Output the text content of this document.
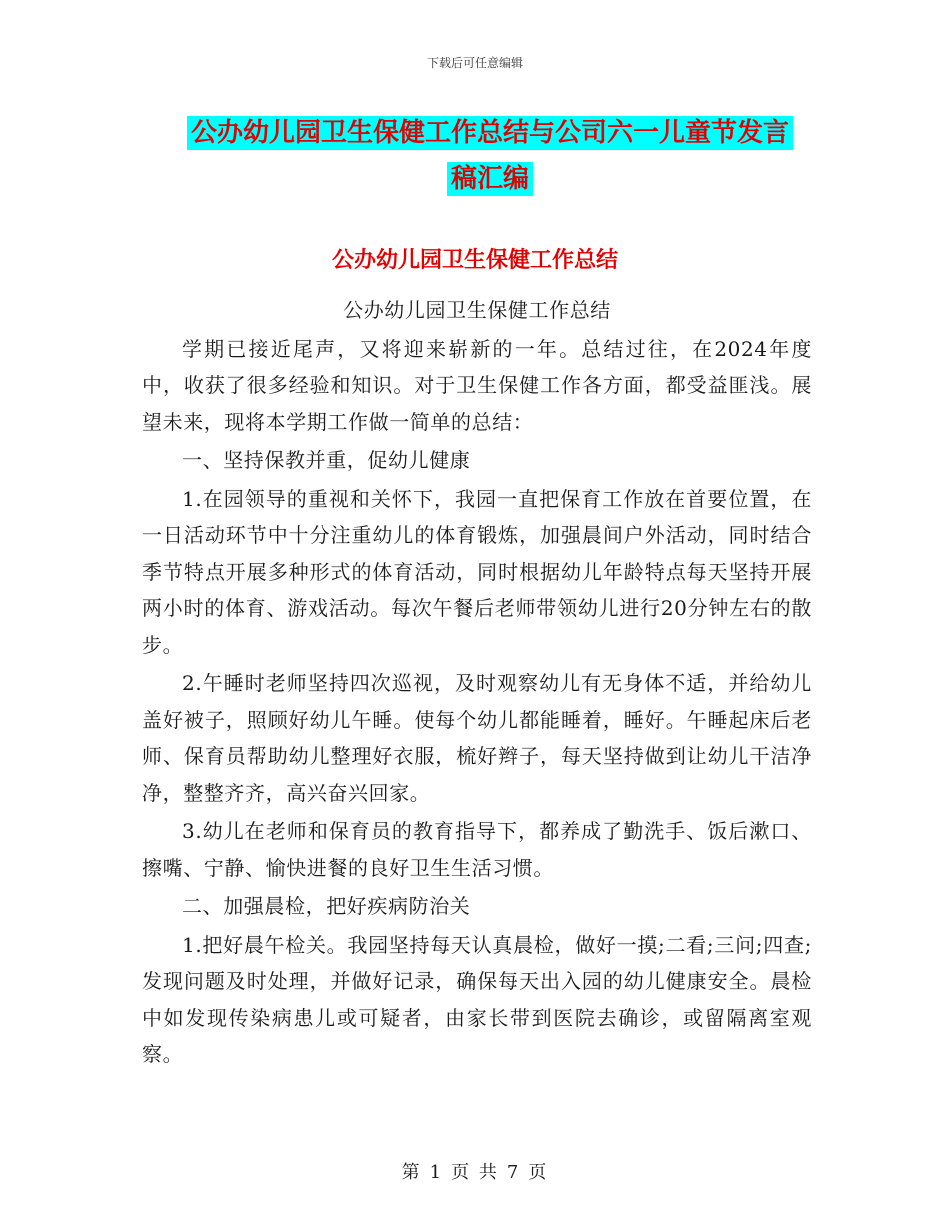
下载后可任意编辑
公办幼儿园卫生保健工作总结与公司六一儿童节发言
稿汇编
公办幼儿园卫生保健工作总结

公办幼儿园卫生保健工作总结

学期已接近尾声，又将迎来崭新的一年。总结过往，在2024年度中，收获了很多经验和知识。对于卫生保健工作各方面，都受益匪浅。展望未来，现将本学期工作做一简单的总结：

一、坚持保教并重，促幼儿健康

1.在园领导的重视和关怀下，我园一直把保育工作放在首要位置，在一日活动环节中十分注重幼儿的体育锻炼，加强晨间户外活动，同时结合季节特点开展多种形式的体育活动，同时根据幼儿年龄特点每天坚持开展两小时的体育、游戏活动。每次午餐后老师带领幼儿进行20分钟左右的散步。

2.午睡时老师坚持四次巡视，及时观察幼儿有无身体不适，并给幼儿盖好被子，照顾好幼儿午睡。使每个幼儿都能睡着，睡好。午睡起床后老师、保育员帮助幼儿整理好衣服，梳好辫子，每天坚持做到让幼儿干洁净净，整整齐齐，高兴奋兴回家。

3.幼儿在老师和保育员的教育指导下，都养成了勤洗手、饭后漱口、擦嘴、宁静、愉快进餐的良好卫生生活习惯。

二、加强晨检，把好疾病防治关

1.把好晨午检关。我园坚持每天认真晨检，做好一摸;二看;三问;四查;发现问题及时处理，并做好记录，确保每天出入园的幼儿健康安全。晨检中如发现传染病患儿或可疑者，由家长带到医院去确诊，或留隔离室观察。

第 1 页 共 7 页
